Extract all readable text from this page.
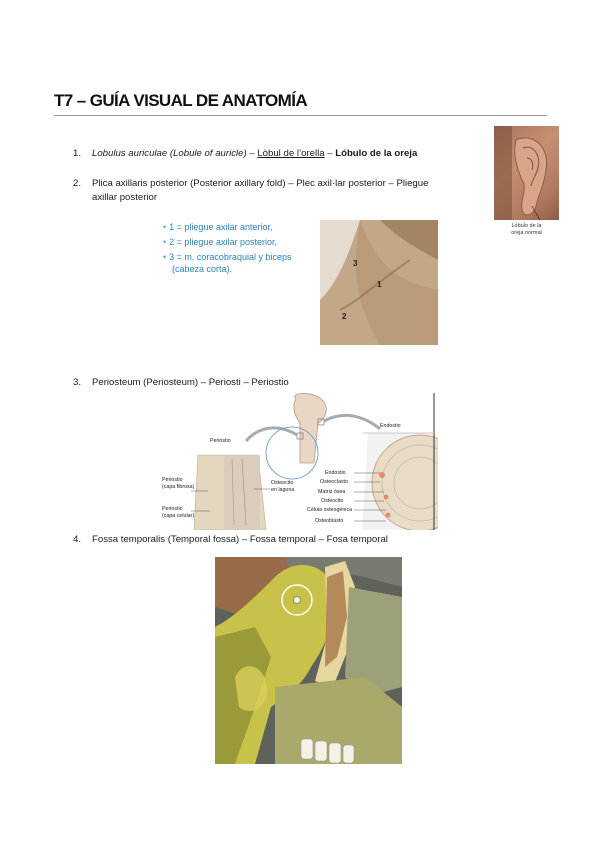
T7 – GUÍA VISUAL DE ANATOMÍA
1.	Lobulus auriculae (Lobule of auricle) – Lòbul de l’orella – Lóbulo de la oreja
Lóbulo de la
oreja normal
2.	Plica axillaris posterior (Posterior axillary fold) – Plec axil·lar posterior – Pliegue
axillar posterior
• 1 = pliegue axilar anterior,
• 2 = pliegue axilar posterior,
• 3 = m. coracobraquial y biceps
(cabeza corta).
3
1
2
3.	Periosteum (Periosteum) – Periosti – Periostio
Periostio
Endostio
Periostio
(capa fibrosa)
Periostio
(capa celular)
Osteocito
en laguna
Endostio
Osteoclasto
Matriz ósea
Osteocito
Célula osteogénica
Osteoblasto
4.	Fossa temporalis (Temporal fossa) – Fossa temporal – Fosa temporal
